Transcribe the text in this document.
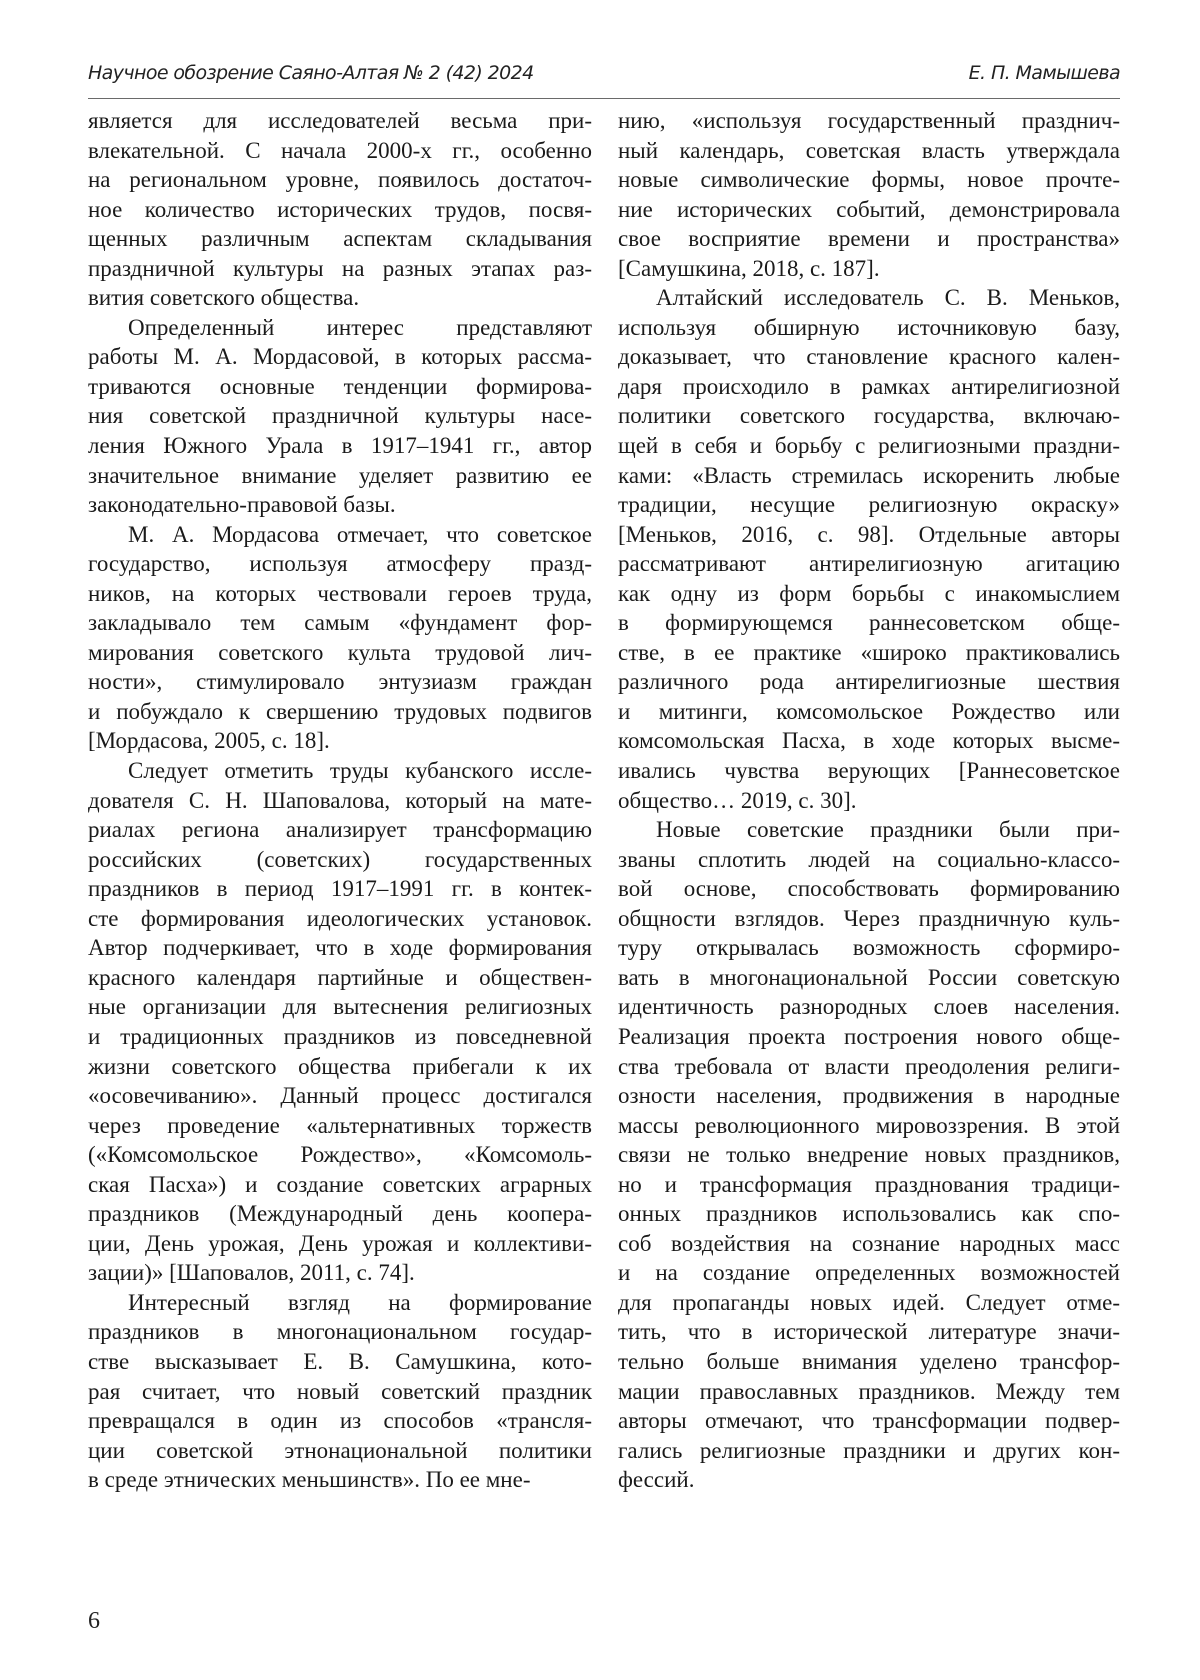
Научное обозрение Саяно-Алтая № 2 (42) 2024	Е. П. Мамышева
является для исследователей весьма при-
влекательной. С начала 2000-х гг., особенно
на региональном уровне, появилось достаточ-
ное количество исторических трудов, посвя-
щенных различным аспектам складывания
праздничной культуры на разных этапах раз-
вития советского общества.
Определенный интерес представляют
работы М. А. Мордасовой, в которых рассма-
триваются основные тенденции формирова-
ния советской праздничной культуры насе-
ления Южного Урала в 1917–1941 гг., автор
значительное внимание уделяет развитию ее
законодательно-правовой базы.
М. А. Мордасова отмечает, что советское
государство, используя атмосферу празд-
ников, на которых чествовали героев труда,
закладывало тем самым «фундамент фор-
мирования советского культа трудовой лич-
ности», стимулировало энтузиазм граждан
и побуждало к свершению трудовых подвигов
[Мордасова, 2005, с. 18].
Следует отметить труды кубанского иссле-
дователя С. Н. Шаповалова, который на мате-
риалах региона анализирует трансформацию
российских (советских) государственных
праздников в период 1917–1991 гг. в контек-
сте формирования идеологических установок.
Автор подчеркивает, что в ходе формирования
красного календаря партийные и обществен-
ные организации для вытеснения религиозных
и традиционных праздников из повседневной
жизни советского общества прибегали к их
«осовечиванию». Данный процесс достигался
через проведение «альтернативных торжеств
(«Комсомольское Рождество», «Комсомоль-
ская Пасха») и создание советских аграрных
праздников (Международный день коопера-
ции, День урожая, День урожая и коллективи-
зации)» [Шаповалов, 2011, с. 74].
Интересный взгляд на формирование
праздников в многонациональном государ-
стве высказывает Е. В. Самушкина, кото-
рая считает, что новый советский праздник
превращался в один из способов «трансля-
ции советской этнонациональной политики
в среде этнических меньшинств». По ее мне-
нию, «используя государственный празднич-
ный календарь, советская власть утверждала
новые символические формы, новое прочте-
ние исторических событий, демонстрировала
свое восприятие времени и пространства»
[Самушкина, 2018, с. 187].
Алтайский исследователь С. В. Меньков,
используя обширную источниковую базу,
доказывает, что становление красного кален-
даря происходило в рамках антирелигиозной
политики советского государства, включаю-
щей в себя и борьбу с религиозными праздни-
ками: «Власть стремилась искоренить любые
традиции, несущие религиозную окраску»
[Меньков, 2016, с. 98]. Отдельные авторы
рассматривают антирелигиозную агитацию
как одну из форм борьбы с инакомыслием
в формирующемся раннесоветском обще-
стве, в ее практике «широко практиковались
различного рода антирелигиозные шествия
и митинги, комсомольское Рождество или
комсомольская Пасха, в ходе которых высме-
ивались чувства верующих [Раннесоветское
общество… 2019, с. 30].
Новые советские праздники были при-
званы сплотить людей на социально-классо-
вой основе, способствовать формированию
общности взглядов. Через праздничную куль-
туру открывалась возможность сформиро-
вать в многонациональной России советскую
идентичность разнородных слоев населения.
Реализация проекта построения нового обще-
ства требовала от власти преодоления религи-
озности населения, продвижения в народные
массы революционного мировоззрения. В этой
связи не только внедрение новых праздников,
но и трансформация празднования традици-
онных праздников использовались как спо-
соб воздействия на сознание народных масс
и на создание определенных возможностей
для пропаганды новых идей. Следует отме-
тить, что в исторической литературе значи-
тельно больше внимания уделено трансфор-
мации православных праздников. Между тем
авторы отмечают, что трансформации подвер-
гались религиозные праздники и других кон-
фессий.
6
